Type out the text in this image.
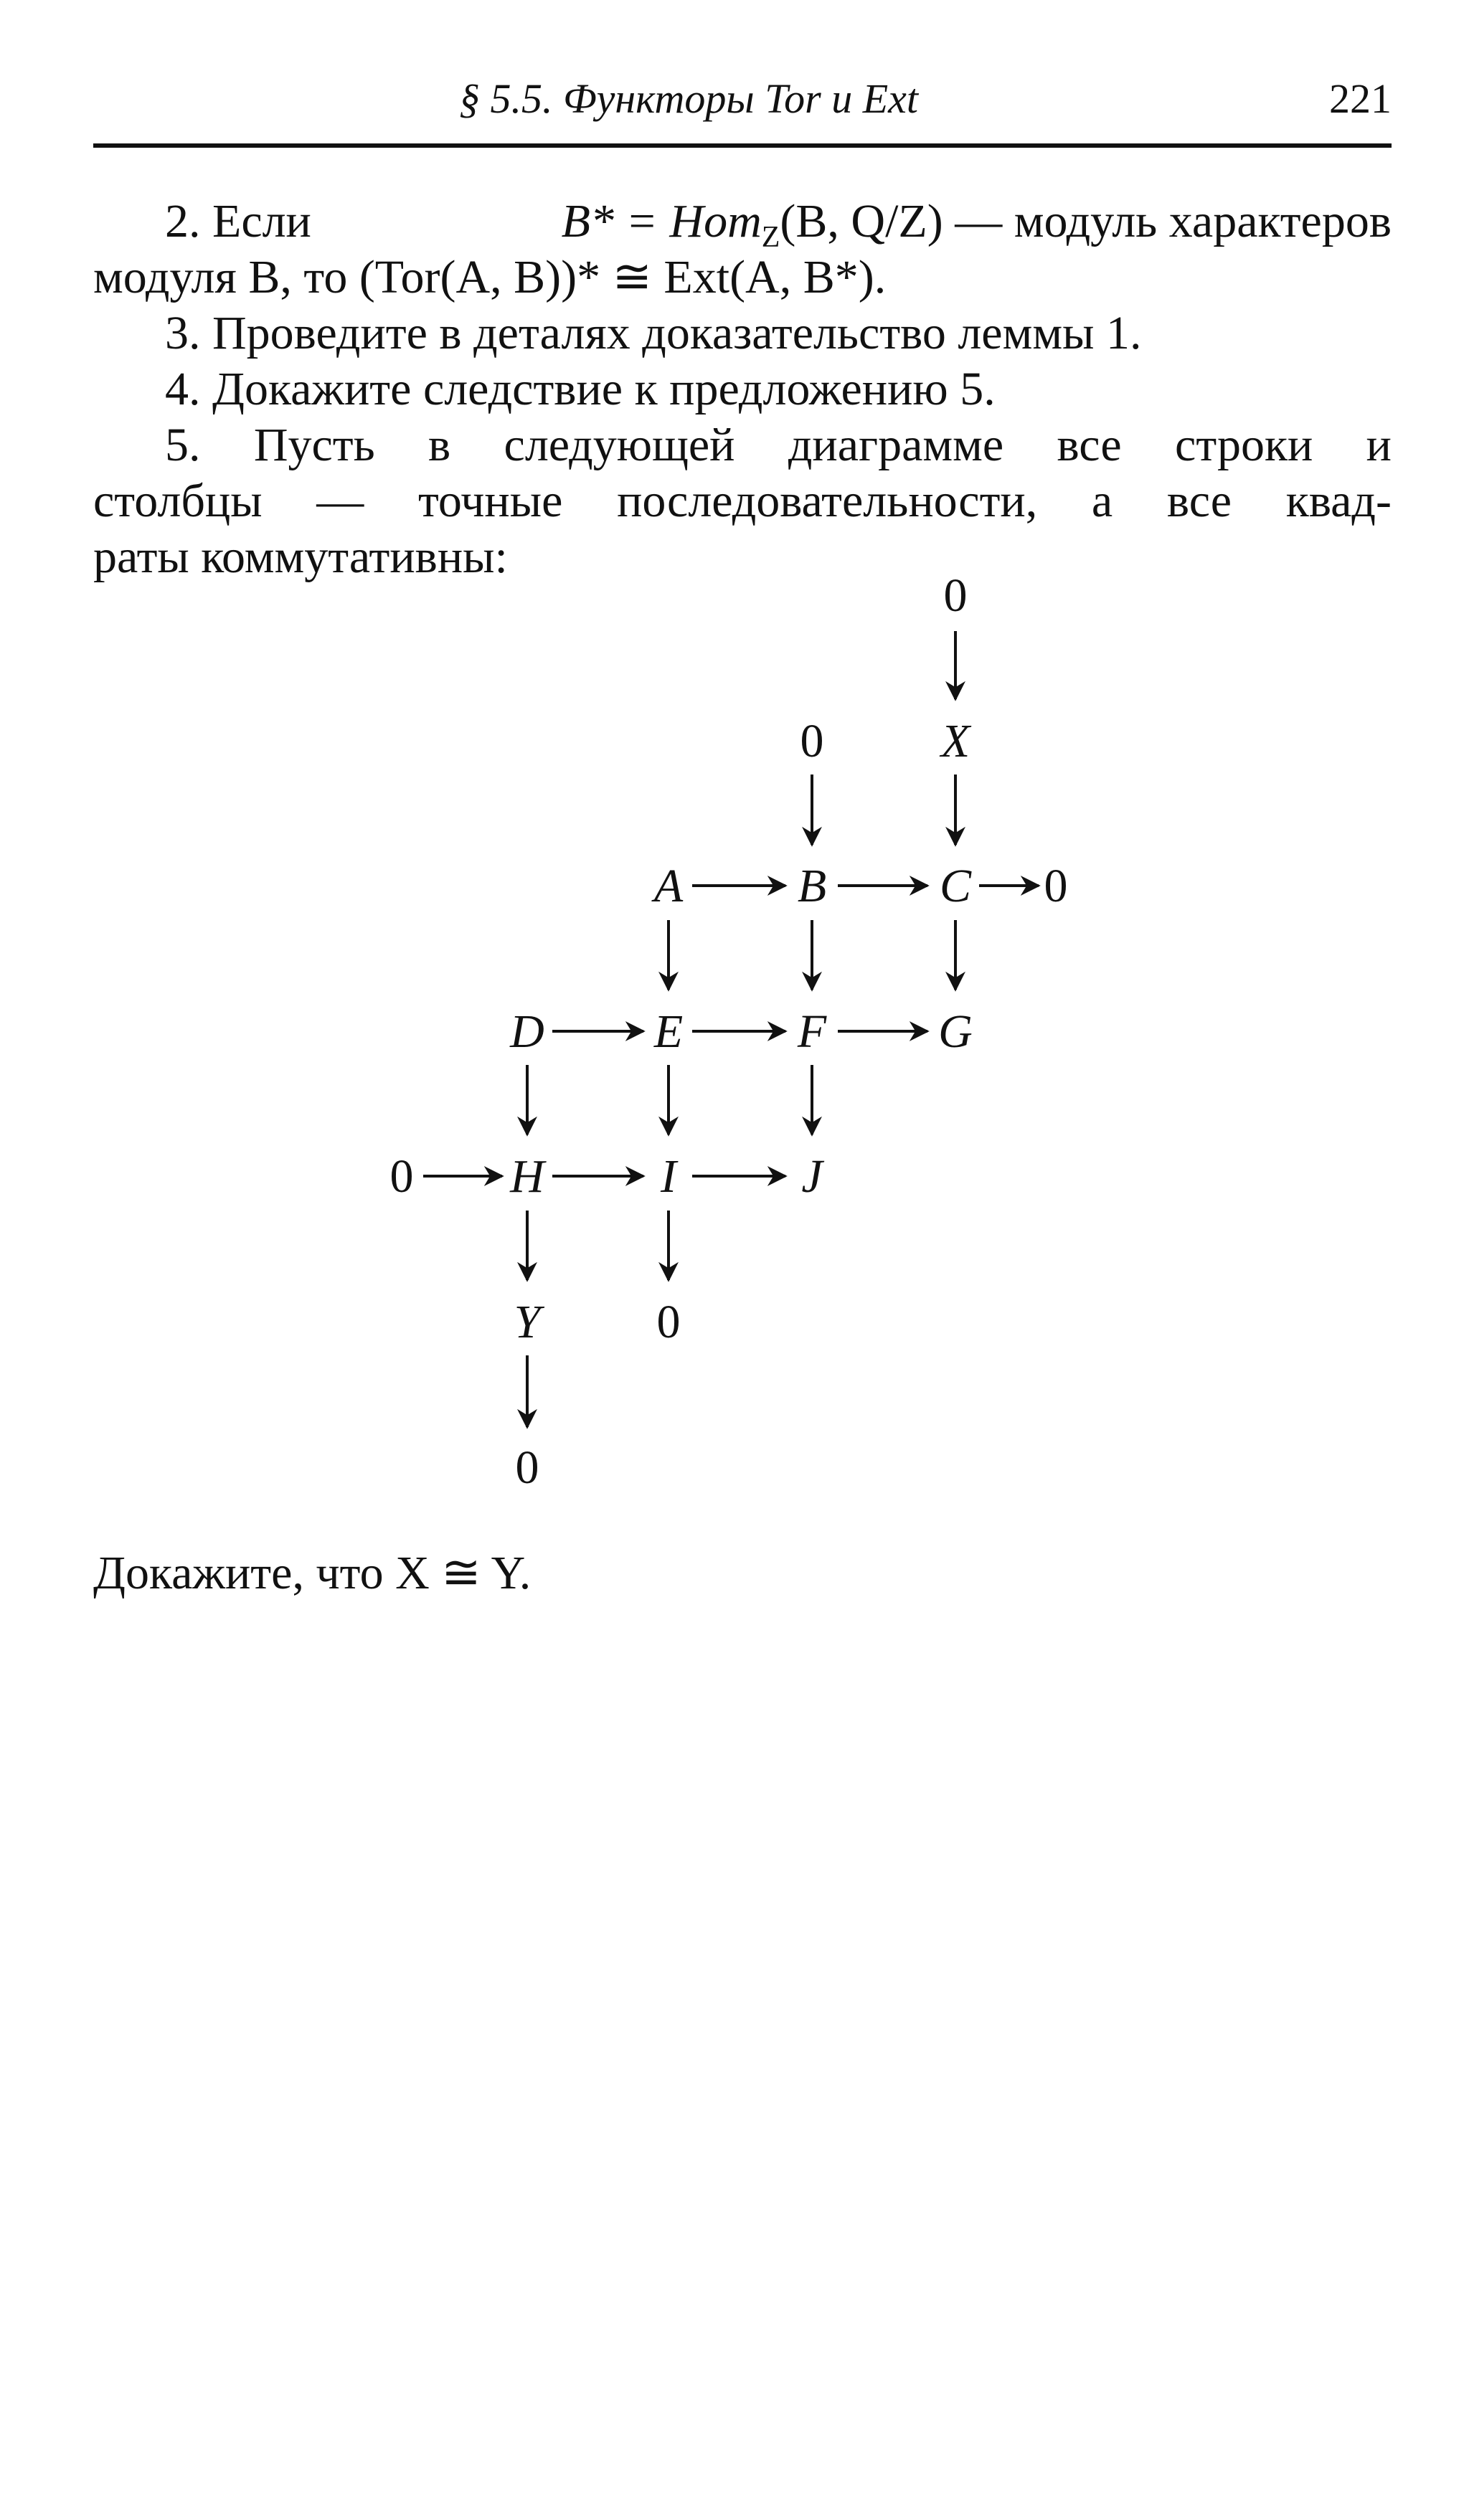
§ 5.5. Функторы Tor и Ext	221
2. Если	B* = Hom$_Z$(B, Q/Z) — модуль характеров
модуля B, то (Tor(A, B))* ≅ Ext(A, B*).
3. Проведите в деталях доказательство леммы 1.
4. Докажите следствие к предложению 5.
5. Пусть в следующей диаграмме все строки и
столбцы — точные последовательности, а все квад-
раты коммутативны:
0
X
0
A B C 0
D E F G
0 H I	J
Y 0
0
Докажите, что X ≅ Y.
